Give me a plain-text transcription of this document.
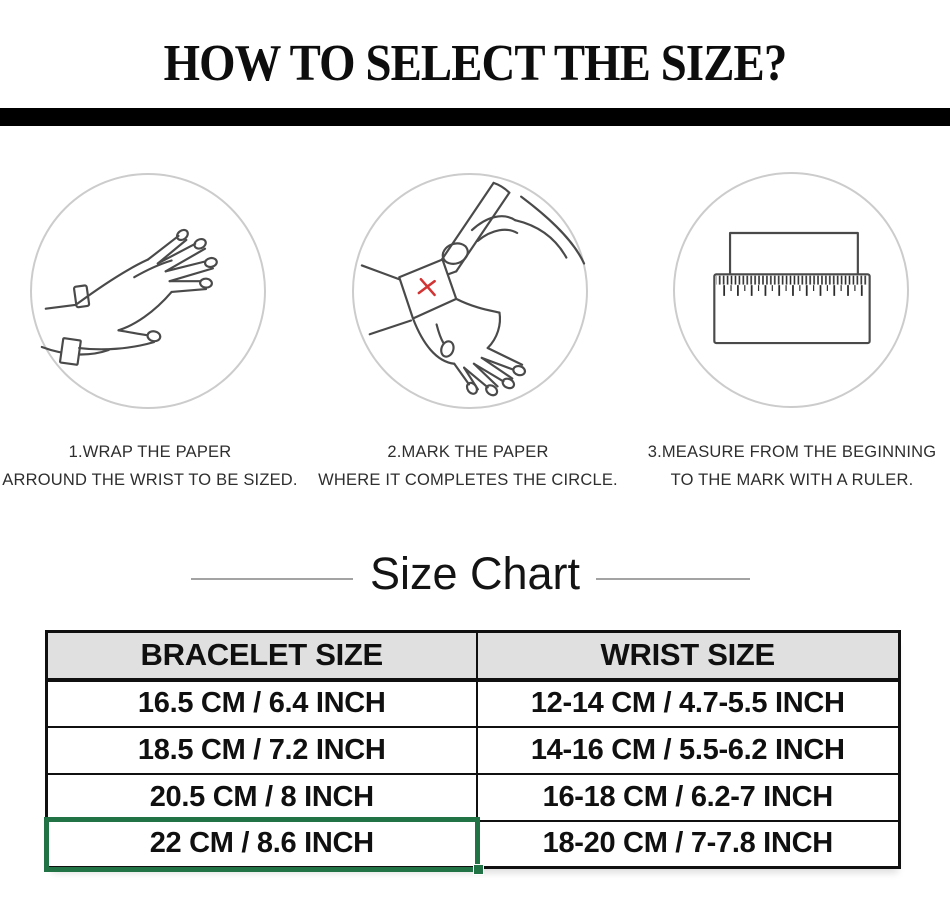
HOW TO SELECT THE SIZE?
1.WRAP THE PAPER
ARROUND THE WRIST TO BE SIZED.
2.MARK THE PAPER
WHERE IT COMPLETES THE CIRCLE.
3.MEASURE FROM THE BEGINNING
TO THE MARK WITH A RULER.
Size Chart
BRACELET SIZE	WRIST SIZE
16.5 CM / 6.4 INCH	12-14 CM / 4.7-5.5 INCH
18.5 CM / 7.2 INCH	14-16 CM / 5.5-6.2 INCH
20.5 CM / 8 INCH	16-18 CM / 6.2-7 INCH
22 CM / 8.6 INCH	18-20 CM / 7-7.8 INCH
